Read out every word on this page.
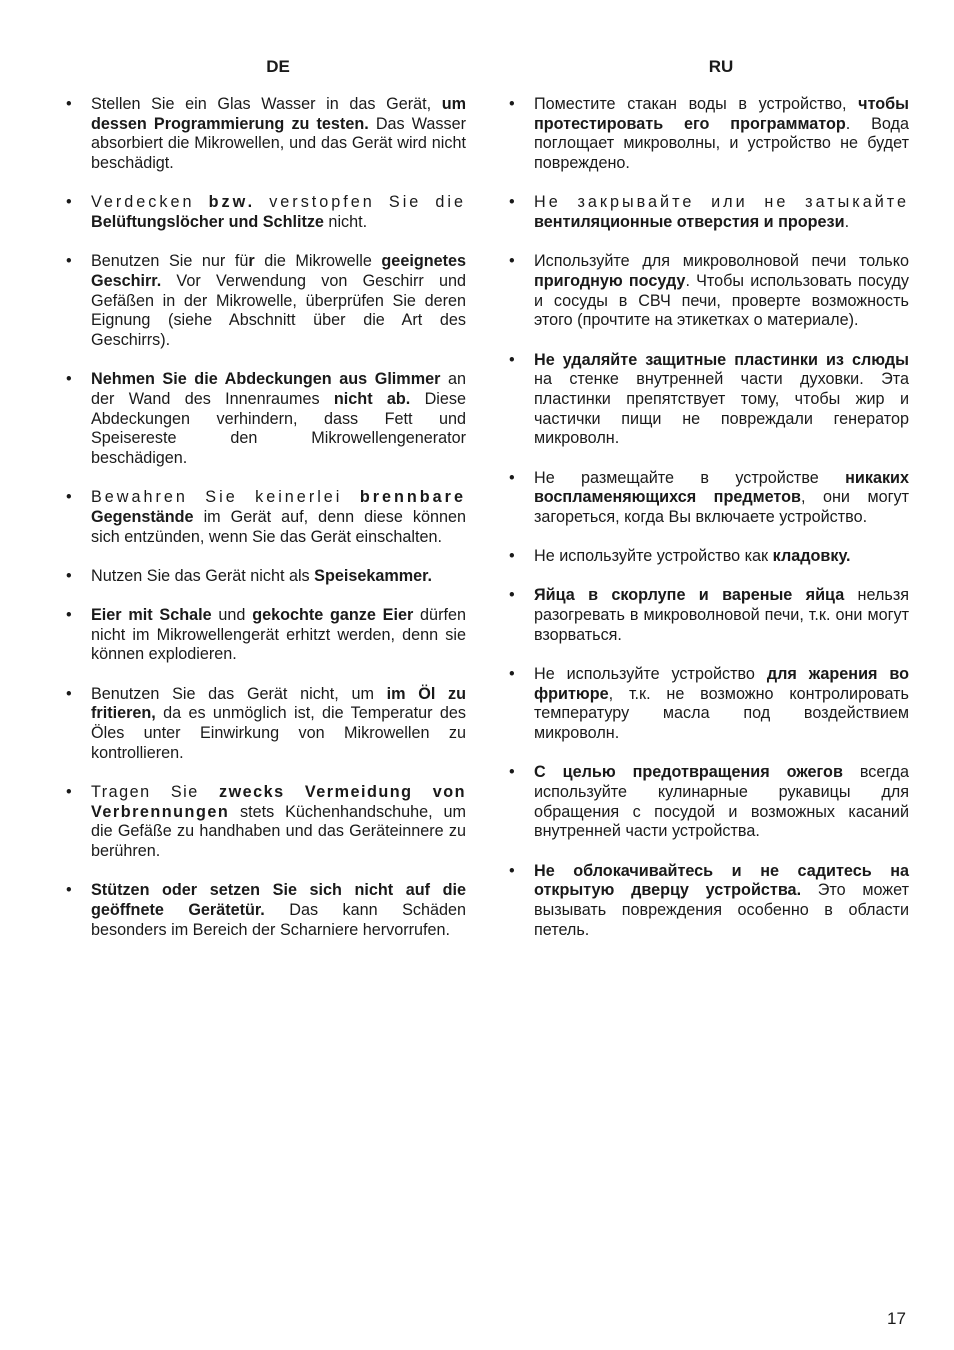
DE
• Stellen Sie ein Glas Wasser in das Gerät, um dessen Programmierung zu testen. Das Wasser absorbiert die Mikrowellen, und das Gerät wird nicht beschädigt.
• Verdecken bzw. verstopfen Sie die Belüftungslöcher und Schlitze nicht.
• Benutzen Sie nur für die Mikrowelle geeignetes Geschirr. Vor Verwendung von Geschirr und Gefäßen in der Mikrowelle, überprüfen Sie deren Eignung (siehe Abschnitt über die Art des Geschirrs).
• Nehmen Sie die Abdeckungen aus Glimmer an der Wand des Innenraumes nicht ab. Diese Abdeckungen verhindern, dass Fett und Speisereste den Mikrowellengenerator beschädigen.
• Bewahren Sie keinerlei brennbare Gegenstände im Gerät auf, denn diese können sich entzünden, wenn Sie das Gerät einschalten.
• Nutzen Sie das Gerät nicht als Speisekammer.
• Eier mit Schale und gekochte ganze Eier dürfen nicht im Mikrowellengerät erhitzt werden, denn sie können explodieren.
• Benutzen Sie das Gerät nicht, um im Öl zu fritieren, da es unmöglich ist, die Temperatur des Öles unter Einwirkung von Mikrowellen zu kontrollieren.
• Tragen Sie zwecks Vermeidung von Verbrennungen stets Küchenhandschuhe, um die Gefäße zu handhaben und das Geräteinnere zu berühren.
• Stützen oder setzen Sie sich nicht auf die geöffnete Gerätetür. Das kann Schäden besonders im Bereich der Scharniere hervorrufen.
RU
• Поместите стакан воды в устройство, чтобы протестировать его программатор. Вода поглощает микроволны, и устройство не будет повреждено.
• Не закрывайте или не затыкайте вентиляционные отверстия и прорези.
• Используйте для микроволновой печи только пригодную посуду. Чтобы использовать посуду и сосуды в СВЧ печи, проверте возможность этого (прочтите на этикетках о материале).
• Не удаляйте защитные пластинки из слюды на стенке внутренней части духовки. Эта пластинки препятствует тому, чтобы жир и частички пищи не повреждали генератор микроволн.
• Не размещайте в устройстве никаких воспламеняющихся предметов, они могут загореться, когда Вы включаете устройство.
• Не используйте устройство как кладовку.
• Яйца в скорлупе и вареные яйца нельзя разогревать в микроволновой печи, т.к. они могут взорваться.
• Не используйте устройство для жарения во фритюре, т.к. не возможно контролировать температуру масла под воздействием микроволн.
• С целью предотвращения ожегов всегда используйте кулинарные рукавицы для обращения с посудой и возможных касаний внутренней части устройства.
• Не облокачивайтесь и не садитесь на открытую дверцу устройства. Это может вызывать повреждения особенно в области петель.
17
